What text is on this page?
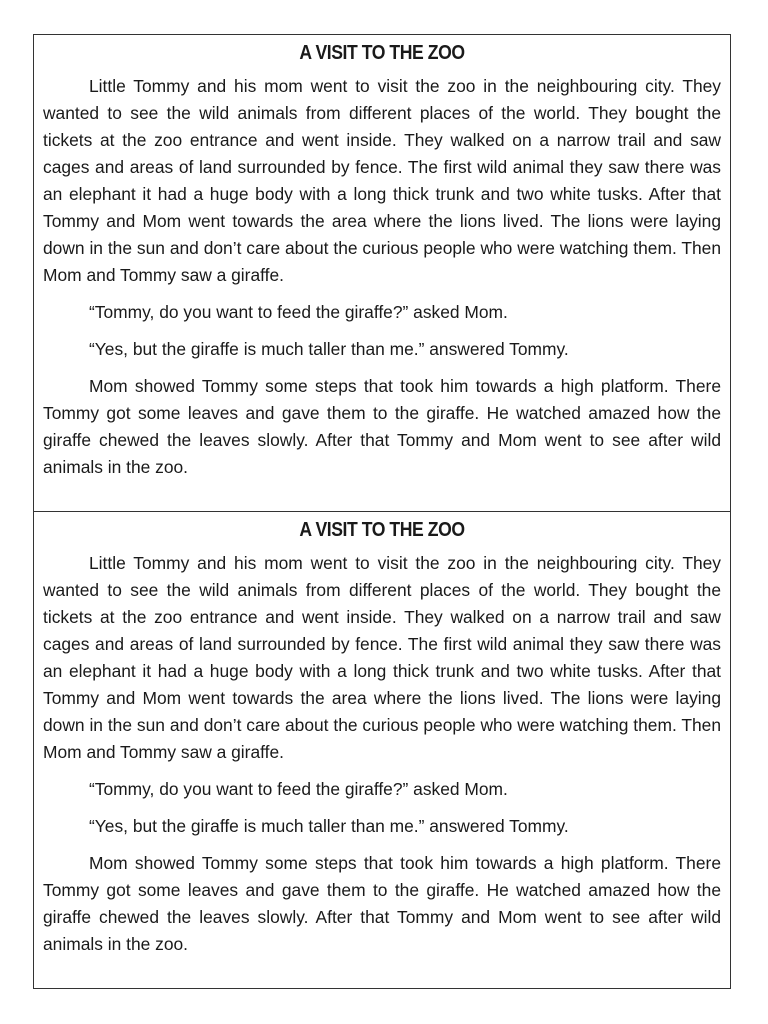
A VISIT TO THE ZOO

Little Tommy and his mom went to visit the zoo in the neighbouring city. They wanted to see the wild animals from different places of the world. They bought the tickets at the zoo entrance and went inside. They walked on a narrow trail and saw cages and areas of land surrounded by fence. The first wild animal they saw there was an elephant it had a huge body with a long thick trunk and two white tusks. After that Tommy and Mom went towards the area where the lions lived. The lions were laying down in the sun and don’t care about the curious people who were watching them. Then Mom and Tommy saw a giraffe.

“Tommy, do you want to feed the giraffe?” asked Mom.

“Yes, but the giraffe is much taller than me.” answered Tommy.

Mom showed Tommy some steps that took him towards a high platform. There Tommy got some leaves and gave them to the giraffe. He watched amazed how the giraffe chewed the leaves slowly. After that Tommy and Mom went to see after wild animals in the zoo.

A VISIT TO THE ZOO

Little Tommy and his mom went to visit the zoo in the neighbouring city. They wanted to see the wild animals from different places of the world. They bought the tickets at the zoo entrance and went inside. They walked on a narrow trail and saw cages and areas of land surrounded by fence. The first wild animal they saw there was an elephant it had a huge body with a long thick trunk and two white tusks. After that Tommy and Mom went towards the area where the lions lived. The lions were laying down in the sun and don’t care about the curious people who were watching them. Then Mom and Tommy saw a giraffe.

“Tommy, do you want to feed the giraffe?” asked Mom.

“Yes, but the giraffe is much taller than me.” answered Tommy.

Mom showed Tommy some steps that took him towards a high platform. There Tommy got some leaves and gave them to the giraffe. He watched amazed how the giraffe chewed the leaves slowly. After that Tommy and Mom went to see after wild animals in the zoo.
